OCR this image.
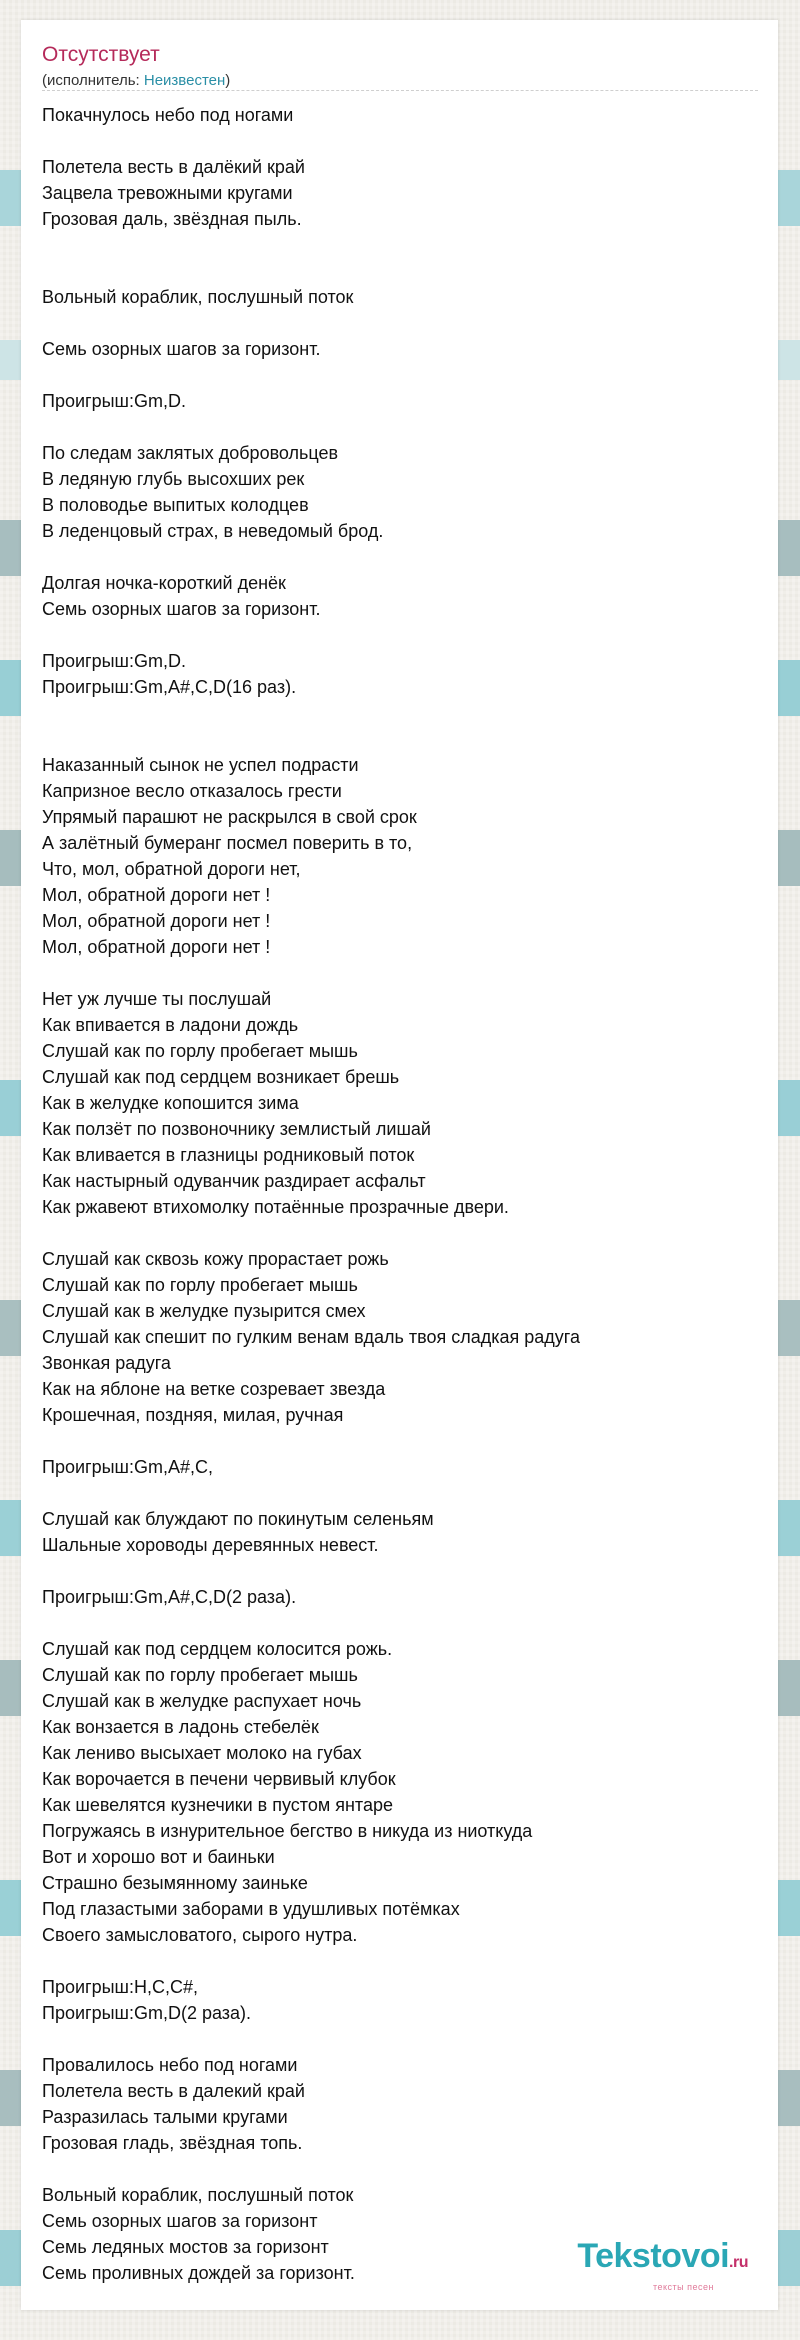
Отсутствует
(исполнитель: Неизвестен)
Покачнулось небо под ногами
Полетела весть в далёкий край
Зацвела тревожными кругами
Грозовая даль, звёздная пыль.
Вольный кораблик, послушный поток
Семь озорных шагов за горизонт.
Проигрыш:Gm,D.
По следам заклятых добровольцев
В ледяную глубь высохших рек
В половодье выпитых колодцев
В леденцовый страх, в неведомый брод.
Долгая ночка-короткий денёк
Семь озорных шагов за горизонт.
Проигрыш:Gm,D.
Проигрыш:Gm,A#,C,D(16 раз).
Наказанный сынок не успел подрасти
Капризное весло отказалось грести
Упрямый парашют не раскрылся в свой срок
А залётный бумеранг посмел поверить в то,
Что, мол, обратной дороги нет,
Мол, обратной дороги нет !
Мол, обратной дороги нет !
Мол, обратной дороги нет !
Нет уж лучше ты послушай
Как впивается в ладони дождь
Слушай как по горлу пробегает мышь
Слушай как под сердцем возникает брешь
Как в желудке копошится зима
Как ползёт по позвоночнику землистый лишай
Как вливается в глазницы родниковый поток
Как настырный одуванчик раздирает асфальт
Как ржавеют втихомолку потаённые прозрачные двери.
Слушай как сквозь кожу прорастает рожь
Слушай как по горлу пробегает мышь
Слушай как в желудке пузырится смех
Слушай как спешит по гулким венам вдаль твоя сладкая радуга
Звонкая радуга
Как на яблоне на ветке созревает звезда
Крошечная, поздняя, милая, ручная
Проигрыш:Gm,A#,C,
Слушай как блуждают по покинутым селеньям
Шальные хороводы деревянных невест.
Проигрыш:Gm,A#,C,D(2 раза).
Слушай как под сердцем колосится рожь.
Слушай как по горлу пробегает мышь
Слушай как в желудке распухает ночь
Как вонзается в ладонь стебелёк
Как лениво высыхает молоко на губах
Как ворочается в печени червивый клубок
Как шевелятся кузнечики в пустом янтаре
Погружаясь в изнурительное бегство в никуда из ниоткуда
Вот и хорошо вот и баиньки
Страшно безымянному заиньке
Под глазастыми заборами в удушливых потёмках
Своего замысловатого, сырого нутра.
Проигрыш:H,C,C#,
Проигрыш:Gm,D(2 раза).
Провалилось небо под ногами
Полетела весть в далекий край
Разразилась талыми кругами
Грозовая гладь, звёздная топь.
Вольный кораблик, послушный поток
Семь озорных шагов за горизонт
Семь ледяных мостов за горизонт
Семь проливных дождей за горизонт.	Tekstovoi.ru
тексты песен
